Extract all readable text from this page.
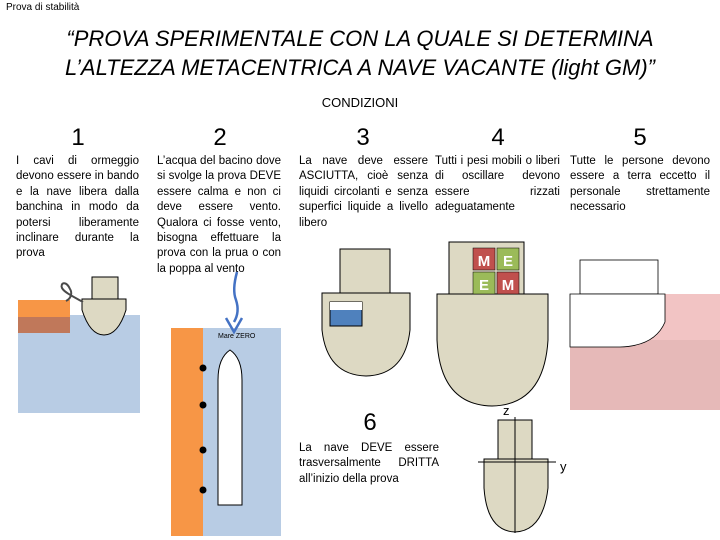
Prova di stabilità
“PROVA SPERIMENTALE CON LA QUALE SI DETERMINA
L’ALTEZZA METACENTRICA A NAVE VACANTE (light GM)”
CONDIZIONI
1	2	3	4	5
6
I cavi di ormeggio devono essere in bando e la nave libera dalla banchina in modo da potersi liberamente inclinare durante la prova
L’acqua del bacino dove si svolge la prova DEVE essere calma e non ci deve essere vento. Qualora ci fosse vento, bisogna effettuare la prova con la prua o con la poppa al vento
La nave deve essere ASCIUTTA, cioè senza liquidi circolanti e senza superfici liquide a livello libero
Tutti i pesi mobili o liberi di oscillare devono essere rizzati adeguatamente
Tutte le persone devono essere a terra eccetto il personale strettamente necessario
La nave DEVE essere trasversalmente DRITTA all’inizio della prova
Mare ZERO
M E
E M
z
y
